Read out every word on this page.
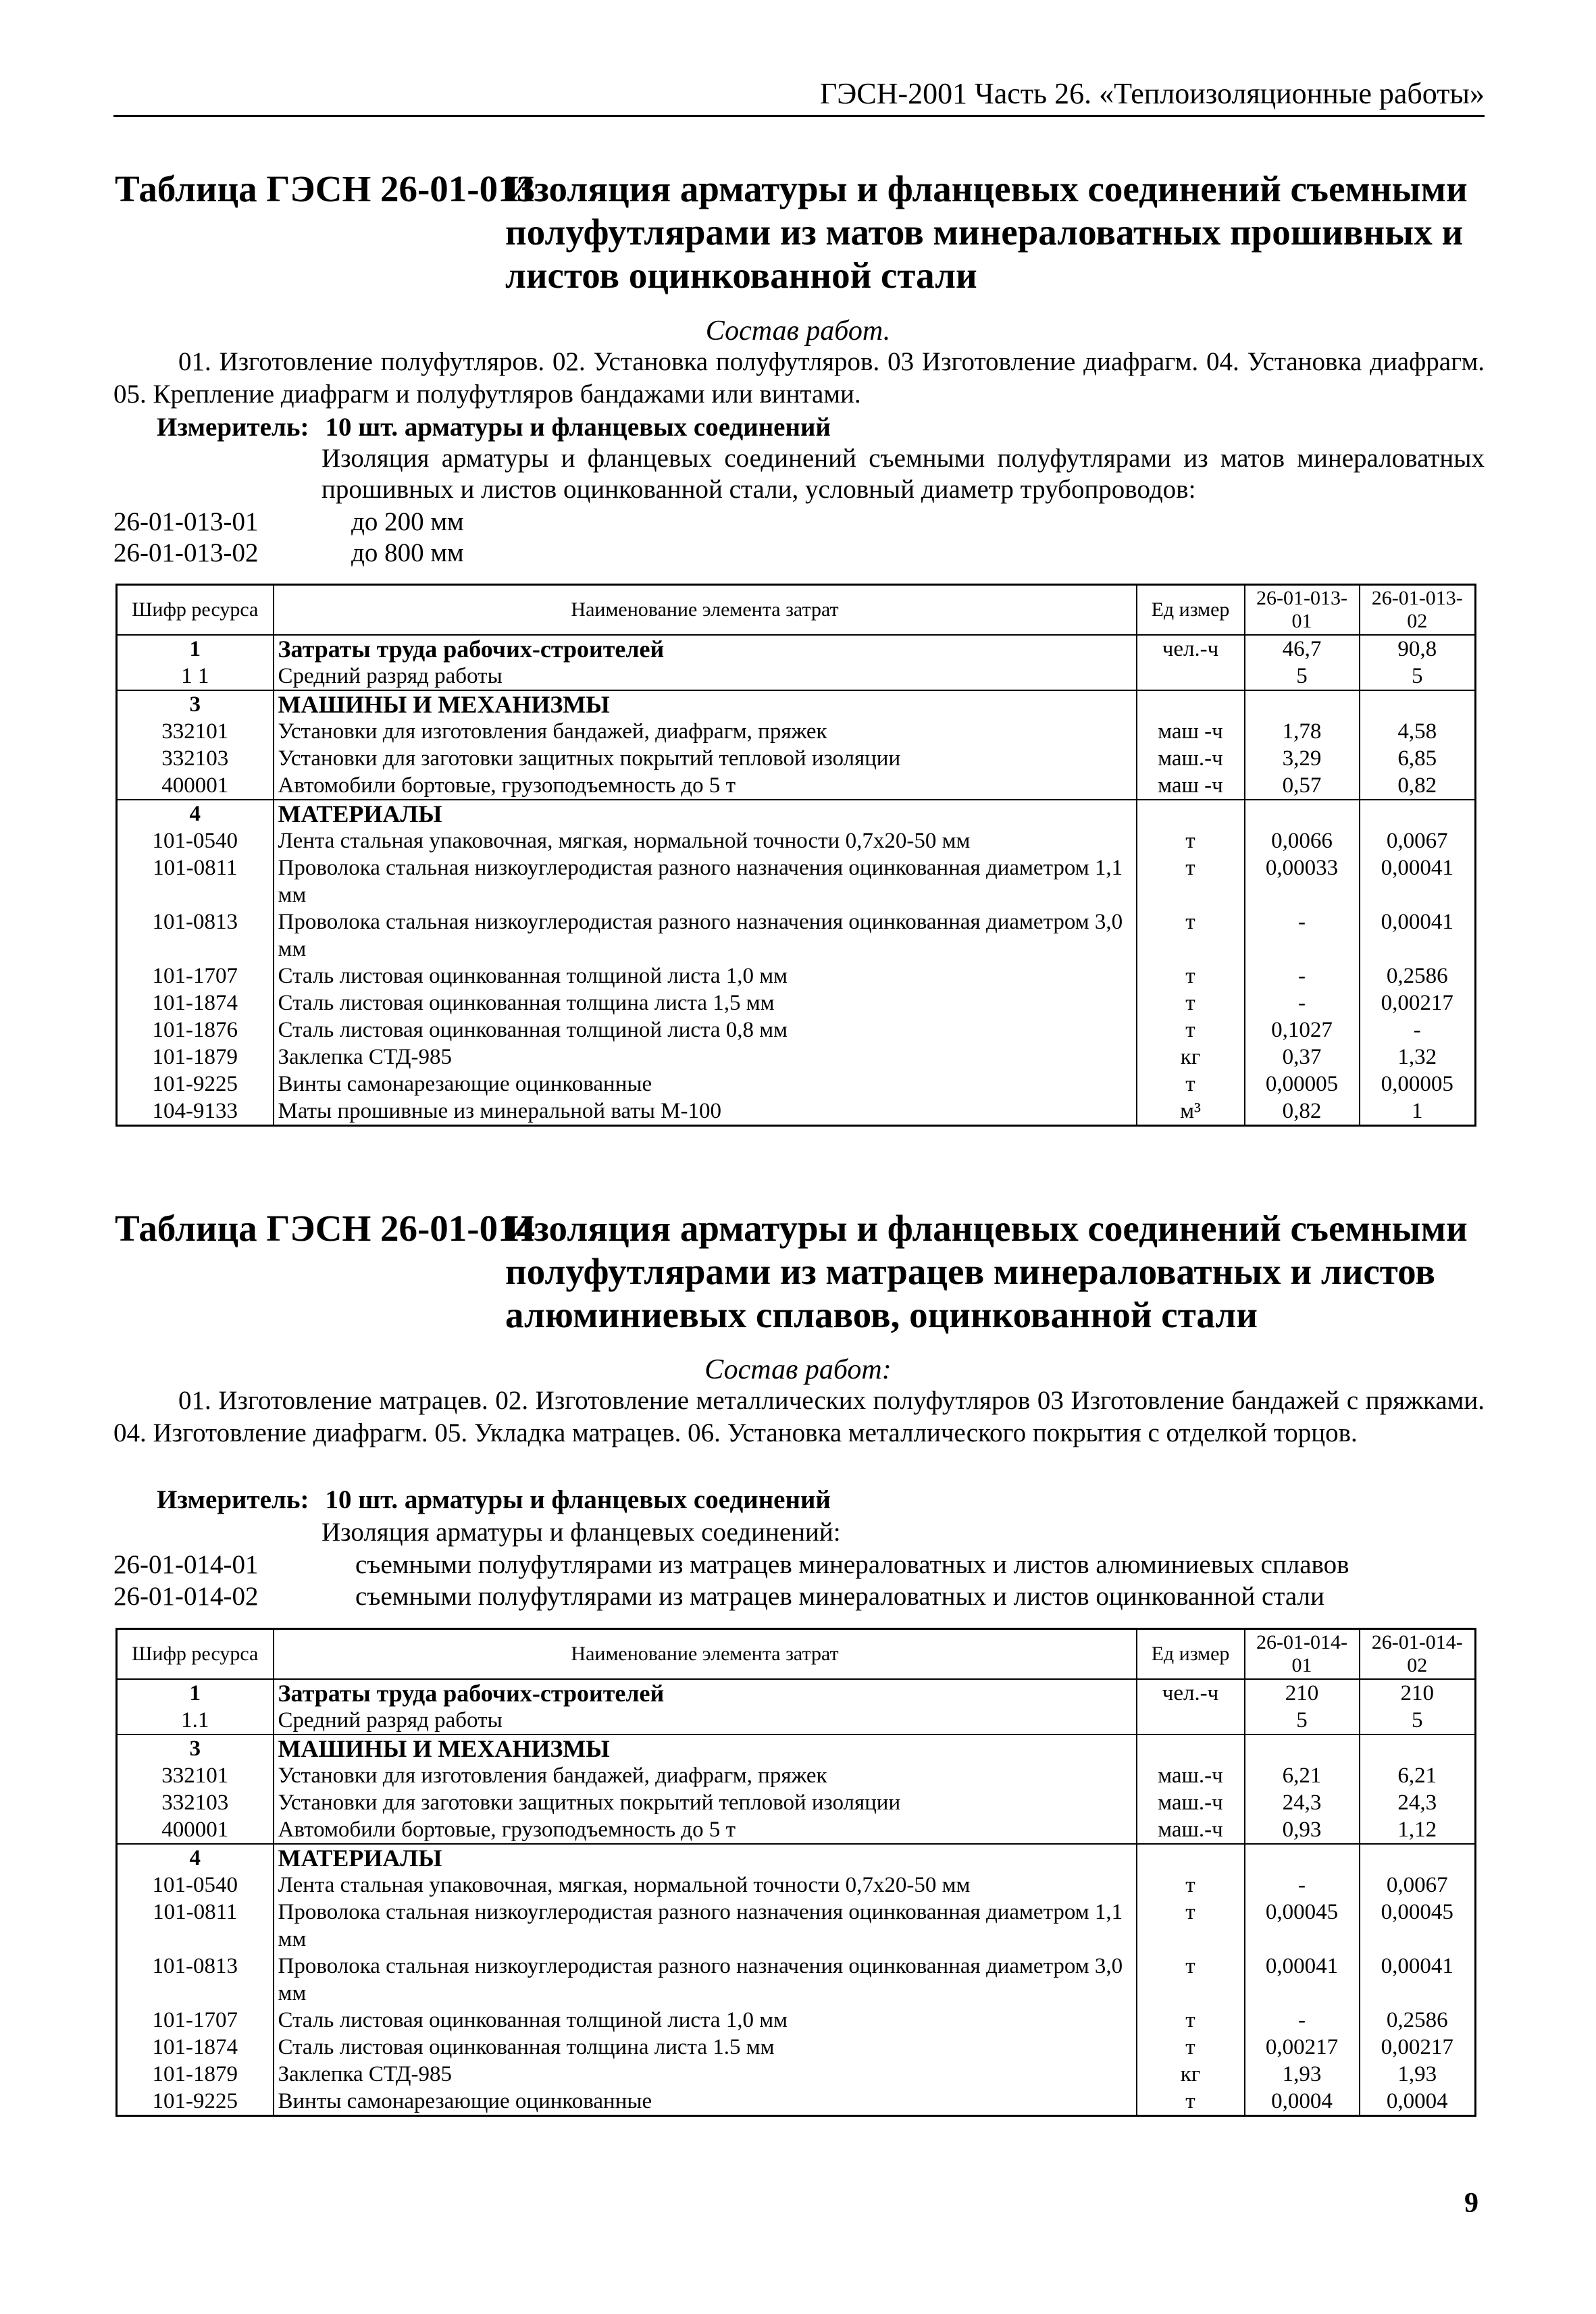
ГЭСН-2001 Часть 26. «Теплоизоляционные работы»
Таблица ГЭСН 26-01-013
Изоляция арматуры и фланцевых соединений съемными полуфутлярами из матов минераловатных прошивных и листов оцинкованной стали
Состав работ.

01. Изготовление полуфутляров. 02. Установка полуфутляров. 03 Изготовление диафрагм. 04. Установка диафрагм. 05. Крепление диафрагм и полуфутляров бандажами или винтами.

Измеритель: 10 шт. арматуры и фланцевых соединений
Изоляция арматуры и фланцевых соединений съемными полуфутлярами из матов минераловатных прошивных и листов оцинкованной стали, условный диаметр трубопроводов:
26-01-013-01	до 200 мм
26-01-013-02	до 800 мм
Шифр ресурса	Наименование элемента затрат	Ед измер	26-01-013-01	26-01-013-02
1	Затраты труда рабочих-строителей	чел.-ч	46,7	90,8
1 1	Средний разряд работы		5	5
3	МАШИНЫ И МЕХАНИЗМЫ			
332101	Установки для изготовления бандажей, диафрагм, пряжек	маш -ч	1,78	4,58
332103	Установки для заготовки защитных покрытий тепловой изоляции	маш.-ч	3,29	6,85
400001	Автомобили бортовые, грузоподъемность до 5 т	маш -ч	0,57	0,82
4	МАТЕРИАЛЫ			
101-0540	Лента стальная упаковочная, мягкая, нормальной точности 0,7x20-50 мм	т	0,0066	0,0067
101-0811	Проволока стальная низкоуглеродистая разного назначения оцинкованная диаметром 1,1 мм	т	0,00033	0,00041
101-0813	Проволока стальная низкоуглеродистая разного назначения оцинкованная диаметром 3,0 мм	т	-	0,00041
101-1707	Сталь листовая оцинкованная толщиной листа 1,0 мм	т	-	0,2586
101-1874	Сталь листовая оцинкованная толщина листа 1,5 мм	т	-	0,00217
101-1876	Сталь листовая оцинкованная толщиной листа 0,8 мм	т	0,1027	-
101-1879	Заклепка СТД-985	кг	0,37	1,32
101-9225	Винты самонарезающие оцинкованные	т	0,00005	0,00005
104-9133	Маты прошивные из минеральной ваты М-100	м³	0,82	1
Таблица ГЭСН 26-01-014
Изоляция арматуры и фланцевых соединений съемными полуфутлярами из матрацев минераловатных и листов алюминиевых сплавов, оцинкованной стали
Состав работ:

01. Изготовление матрацев. 02. Изготовление металлических полуфутляров 03 Изготовление бандажей с пряжками. 04. Изготовление диафрагм. 05. Укладка матрацев. 06. Установка металлического покрытия с отделкой торцов.

Измеритель: 10 шт. арматуры и фланцевых соединений
Изоляция арматуры и фланцевых соединений:
26-01-014-01	съемными полуфутлярами из матрацев минераловатных и листов алюминиевых сплавов
26-01-014-02	съемными полуфутлярами из матрацев минераловатных и листов оцинкованной стали
Шифр ресурса	Наименование элемента затрат	Ед измер	26-01-014-01	26-01-014-02
1	Затраты труда рабочих-строителей	чел.-ч	210	210
1.1	Средний разряд работы		5	5
3	МАШИНЫ И МЕХАНИЗМЫ			
332101	Установки для изготовления бандажей, диафрагм, пряжек	маш.-ч	6,21	6,21
332103	Установки для заготовки защитных покрытий тепловой изоляции	маш.-ч	24,3	24,3
400001	Автомобили бортовые, грузоподъемность до 5 т	маш.-ч	0,93	1,12
4	МАТЕРИАЛЫ			
101-0540	Лента стальная упаковочная, мягкая, нормальной точности 0,7x20-50 мм	т	-	0,0067
101-0811	Проволока стальная низкоуглеродистая разного назначения оцинкованная диаметром 1,1 мм	т	0,00045	0,00045
101-0813	Проволока стальная низкоуглеродистая разного назначения оцинкованная диаметром 3,0 мм	т	0,00041	0,00041
101-1707	Сталь листовая оцинкованная толщиной листа 1,0 мм	т	-	0,2586
101-1874	Сталь листовая оцинкованная толщина листа 1.5 мм	т	0,00217	0,00217
101-1879	Заклепка СТД-985	кг	1,93	1,93
101-9225	Винты самонарезающие оцинкованные	т	0,0004	0,0004
9
